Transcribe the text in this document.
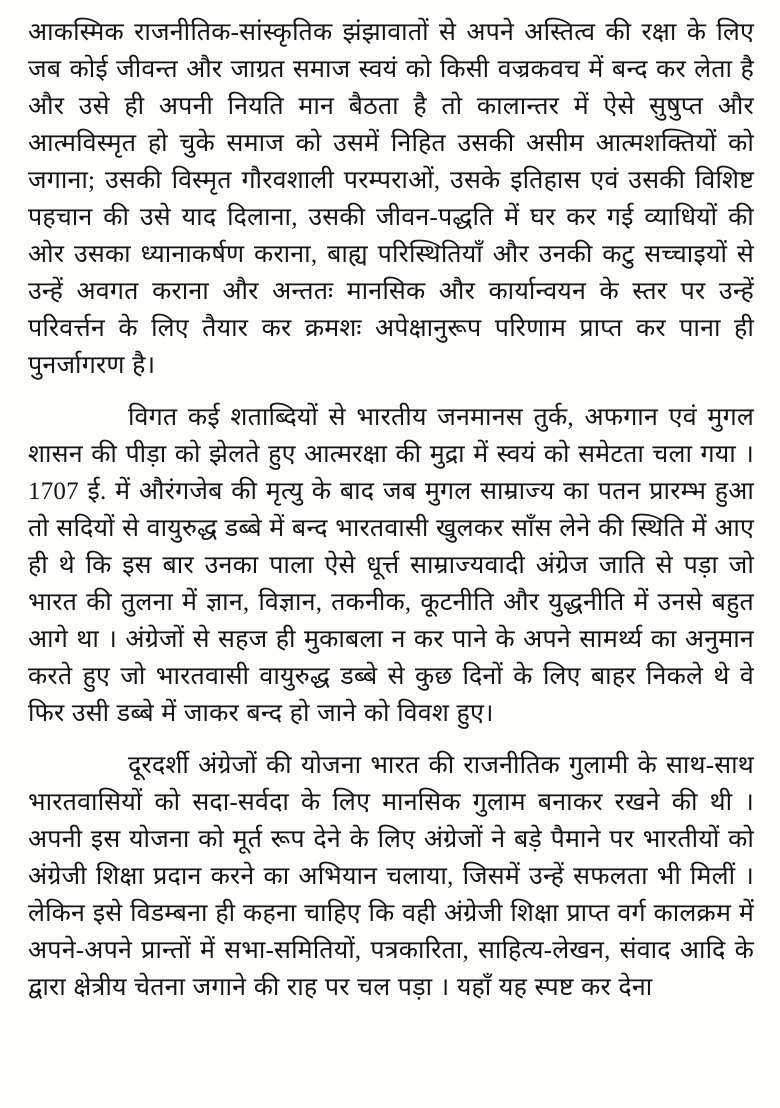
आकस्मिक राजनीतिक-सांस्कृतिक झंझावातों से अपने अस्तित्व की रक्षा के लिए जब कोई जीवन्त और जाग्रत समाज स्वयं को किसी वज्रकवच में बन्द कर लेता है और उसे ही अपनी नियति मान बैठता है तो कालान्तर में ऐसे सुषुप्त और आत्मविस्मृत हो चुके समाज को उसमें निहित उसकी असीम आत्मशक्तियों को जगाना; उसकी विस्मृत गौरवशाली परम्पराओं, उसके इतिहास एवं उसकी विशिष्ट पहचान की उसे याद दिलाना, उसकी जीवन-पद्धति में घर कर गई व्याधियों की ओर उसका ध्यानाकर्षण कराना, बाह्य परिस्थितियाँ और उनकी कटु सच्चाइयों से उन्हें अवगत कराना और अन्ततः मानसिक और कार्यान्वयन के स्तर पर उन्हें परिवर्त्तन के लिए तैयार कर क्रमशः अपेक्षानुरूप परिणाम प्राप्त कर पाना ही पुनर्जागरण है।

विगत कई शताब्दियों से भारतीय जनमानस तुर्क, अफगान एवं मुगल शासन की पीड़ा को झेलते हुए आत्मरक्षा की मुद्रा में स्वयं को समेटता चला गया । 1707 ई. में औरंगजेब की मृत्यु के बाद जब मुगल साम्राज्य का पतन प्रारम्भ हुआ तो सदियों से वायुरुद्ध डब्बे में बन्द भारतवासी खुलकर साँस लेने की स्थिति में आए ही थे कि इस बार उनका पाला ऐसे धूर्त्त साम्राज्यवादी अंग्रेज जाति से पड़ा जो भारत की तुलना में ज्ञान, विज्ञान, तकनीक, कूटनीति और युद्धनीति में उनसे बहुत आगे था । अंग्रेजों से सहज ही मुकाबला न कर पाने के अपने सामर्थ्य का अनुमान करते हुए जो भारतवासी वायुरुद्ध डब्बे से कुछ दिनों के लिए बाहर निकले थे वे फिर उसी डब्बे में जाकर बन्द हो जाने को विवश हुए।

दूरदर्शी अंग्रेजों की योजना भारत की राजनीतिक गुलामी के साथ-साथ भारतवासियों को सदा-सर्वदा के लिए मानसिक गुलाम बनाकर रखने की थी । अपनी इस योजना को मूर्त रूप देने के लिए अंग्रेजों ने बड़े पैमाने पर भारतीयों को अंग्रेजी शिक्षा प्रदान करने का अभियान चलाया, जिसमें उन्हें सफलता भी मिलीं । लेकिन इसे विडम्बना ही कहना चाहिए कि वही अंग्रेजी शिक्षा प्राप्त वर्ग कालक्रम में अपने-अपने प्रान्तों में सभा-समितियों, पत्रकारिता, साहित्य-लेखन, संवाद आदि के द्वारा क्षेत्रीय चेतना जगाने की राह पर चल पड़ा । यहाँ यह स्पष्ट कर देना
